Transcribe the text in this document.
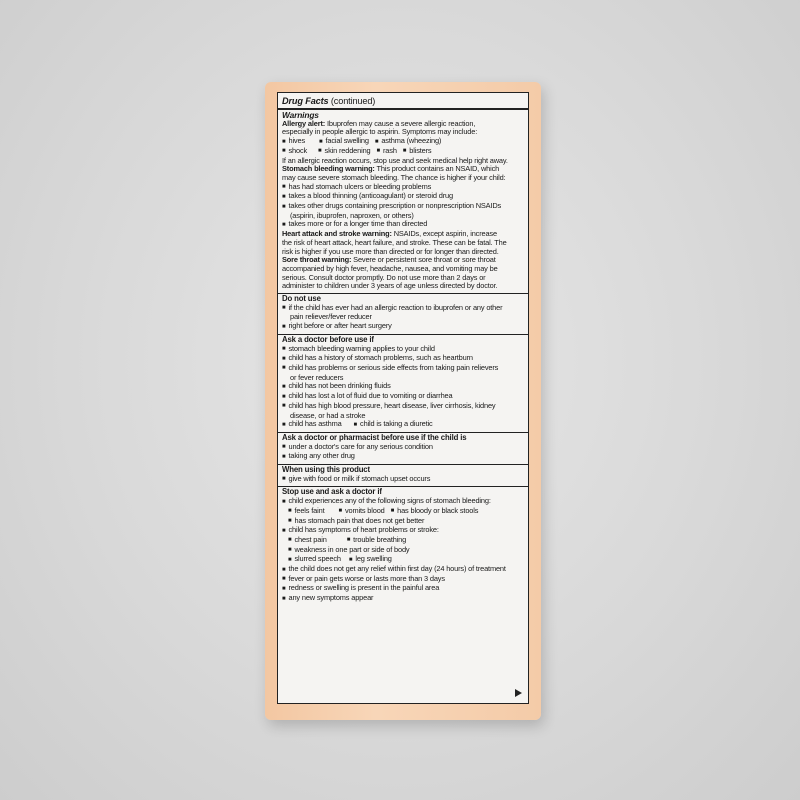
Drug Facts (continued)
Warnings
Allergy alert: Ibuprofen may cause a severe allergic reaction,
especially in people allergic to aspirin. Symptoms may include:
■ hives	■ facial swelling	■ asthma (wheezing)
■ shock	■ skin reddening	■ rash	■ blisters
If an allergic reaction occurs, stop use and seek medical help right away.
Stomach bleeding warning: This product contains an NSAID, which
may cause severe stomach bleeding. The chance is higher if your child:
■ has had stomach ulcers or bleeding problems
■ takes a blood thinning (anticoagulant) or steroid drug
■ takes other drugs containing prescription or nonprescription NSAIDs
(aspirin, ibuprofen, naproxen, or others)
■ takes more or for a longer time than directed
Heart attack and stroke warning: NSAIDs, except aspirin, increase
the risk of heart attack, heart failure, and stroke. These can be fatal. The
risk is higher if you use more than directed or for longer than directed.
Sore throat warning: Severe or persistent sore throat or sore throat
accompanied by high fever, headache, nausea, and vomiting may be
serious. Consult doctor promptly. Do not use more than 2 days or
administer to children under 3 years of age unless directed by doctor.
Do not use
■ if the child has ever had an allergic reaction to ibuprofen or any other
pain reliever/fever reducer
■ right before or after heart surgery
Ask a doctor before use if
■ stomach bleeding warning applies to your child
■ child has a history of stomach problems, such as heartburn
■ child has problems or serious side effects from taking pain relievers
or fever reducers
■ child has not been drinking fluids
■ child has lost a lot of fluid due to vomiting or diarrhea
■ child has high blood pressure, heart disease, liver cirrhosis, kidney
disease, or had a stroke
■ child has asthma	■ child is taking a diuretic
Ask a doctor or pharmacist before use if the child is
■ under a doctor's care for any serious condition
■ taking any other drug
When using this product
■ give with food or milk if stomach upset occurs
Stop use and ask a doctor if
■ child experiences any of the following signs of stomach bleeding:
■ feels faint	■ vomits blood	■ has bloody or black stools
■ has stomach pain that does not get better
■ child has symptoms of heart problems or stroke:
■ chest pain	■ trouble breathing
■ weakness in one part or side of body
■ slurred speech	■ leg swelling
■ the child does not get any relief within first day (24 hours) of treatment
■ fever or pain gets worse or lasts more than 3 days
■ redness or swelling is present in the painful area
■ any new symptoms appear
